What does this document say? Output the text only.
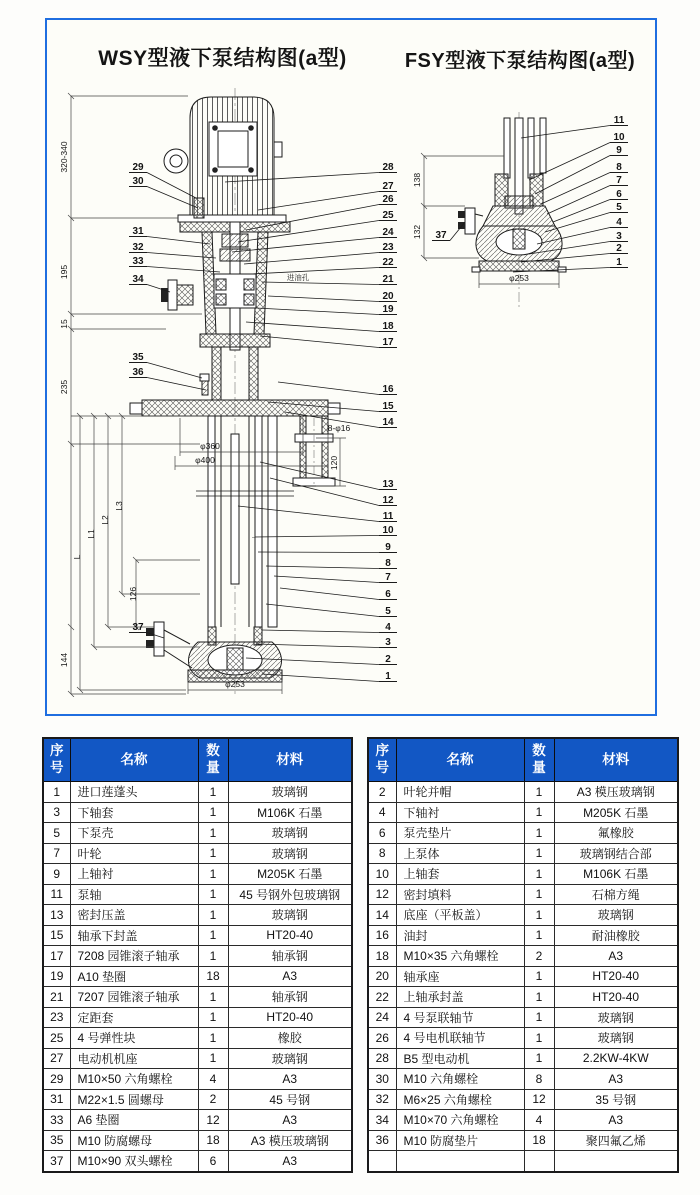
WSY型液下泵结构图(a型)	FSY型液下泵结构图(a型)
28
27
26
25
24
23
22
21
20
19
18
17
16
15
14
13
12
11
10
9
8
7
6
5
4
3
2
1
29
30
31
32
33
34
35
36
37
320-340
195
15
235
144
L
L1
L2
L3
126
120
φ360
φ400
8-φ16
φ253
进油孔
11
10
9
8
7
6
5
4
3
2
1
37
138
132
φ253
序号	名称	数量	材料
1	进口莲蓬头	1	玻璃钢
3	下轴套	1	M106K 石墨
5	下泵壳	1	玻璃钢
7	叶轮	1	玻璃钢
9	上轴衬	1	M205K 石墨
11	泵轴	1	45 号钢外包玻璃钢
13	密封压盖	1	玻璃钢
15	轴承下封盖	1	HT20-40
17	7208 园锥滚子轴承	1	轴承钢
19	A10 垫圈	18	A3
21	7207 园锥滚子轴承	1	轴承钢
23	定距套	1	HT20-40
25	4 号弹性块	1	橡胶
27	电动机机座	1	玻璃钢
29	M10×50 六角螺栓	4	A3
31	M22×1.5 圆螺母	2	45 号钢
33	A6 垫圈	12	A3
35	M10 防腐螺母	18	A3 模压玻璃钢
37	M10×90 双头螺栓	6	A3
序号	名称	数量	材料
2	叶轮并帽	1	A3 模压玻璃钢
4	下轴衬	1	M205K 石墨
6	泵壳垫片	1	氟橡胶
8	上泵体	1	玻璃钢结合部
10	上轴套	1	M106K 石墨
12	密封填料	1	石棉方绳
14	底座（平板盖）	1	玻璃钢
16	油封	1	耐油橡胶
18	M10×35 六角螺栓	2	A3
20	轴承座	1	HT20-40
22	上轴承封盖	1	HT20-40
24	4 号泵联轴节	1	玻璃钢
26	4 号电机联轴节	1	玻璃钢
28	B5 型电动机	1	2.2KW-4KW
30	M10 六角螺栓	8	A3
32	M6×25 六角螺栓	12	35 号钢
34	M10×70 六角螺栓	4	A3
36	M10 防腐垫片	18	聚四氟乙烯
